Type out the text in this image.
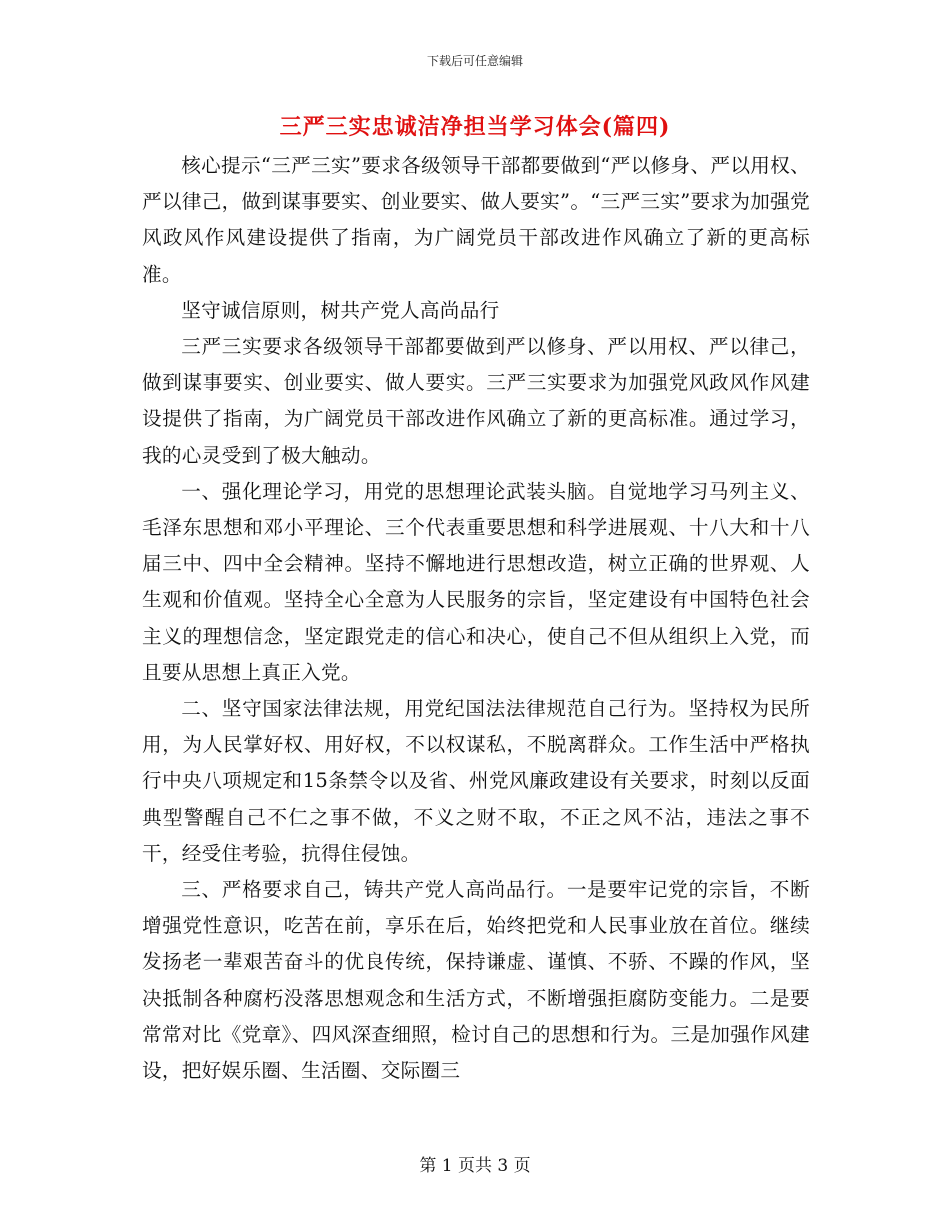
下载后可任意编辑
三严三实忠诚洁净担当学习体会(篇四)

核心提示“三严三实”要求各级领导干部都要做到“严以修身、严以用权、严以律己，做到谋事要实、创业要实、做人要实”。“三严三实”要求为加强党风政风作风建设提供了指南，为广阔党员干部改进作风确立了新的更高标准。

坚守诚信原则，树共产党人高尚品行

三严三实要求各级领导干部都要做到严以修身、严以用权、严以律己，做到谋事要实、创业要实、做人要实。三严三实要求为加强党风政风作风建设提供了指南，为广阔党员干部改进作风确立了新的更高标准。通过学习，我的心灵受到了极大触动。

一、强化理论学习，用党的思想理论武装头脑。自觉地学习马列主义、毛泽东思想和邓小平理论、三个代表重要思想和科学进展观、十八大和十八届三中、四中全会精神。坚持不懈地进行思想改造，树立正确的世界观、人生观和价值观。坚持全心全意为人民服务的宗旨，坚定建设有中国特色社会主义的理想信念，坚定跟党走的信心和决心，使自己不但从组织上入党，而且要从思想上真正入党。

二、坚守国家法律法规，用党纪国法法律规范自己行为。坚持权为民所用，为人民掌好权、用好权，不以权谋私，不脱离群众。工作生活中严格执行中央八项规定和15条禁令以及省、州党风廉政建设有关要求，时刻以反面典型警醒自己不仁之事不做，不义之财不取，不正之风不沾，违法之事不干，经受住考验，抗得住侵蚀。

三、严格要求自己，铸共产党人高尚品行。一是要牢记党的宗旨，不断增强党性意识，吃苦在前，享乐在后，始终把党和人民事业放在首位。继续发扬老一辈艰苦奋斗的优良传统，保持谦虚、谨慎、不骄、不躁的作风，坚决抵制各种腐朽没落思想观念和生活方式，不断增强拒腐防变能力。二是要常常对比《党章》、四风深查细照，检讨自己的思想和行为。三是加强作风建设，把好娱乐圈、生活圈、交际圈三

第 1 页共 3 页
